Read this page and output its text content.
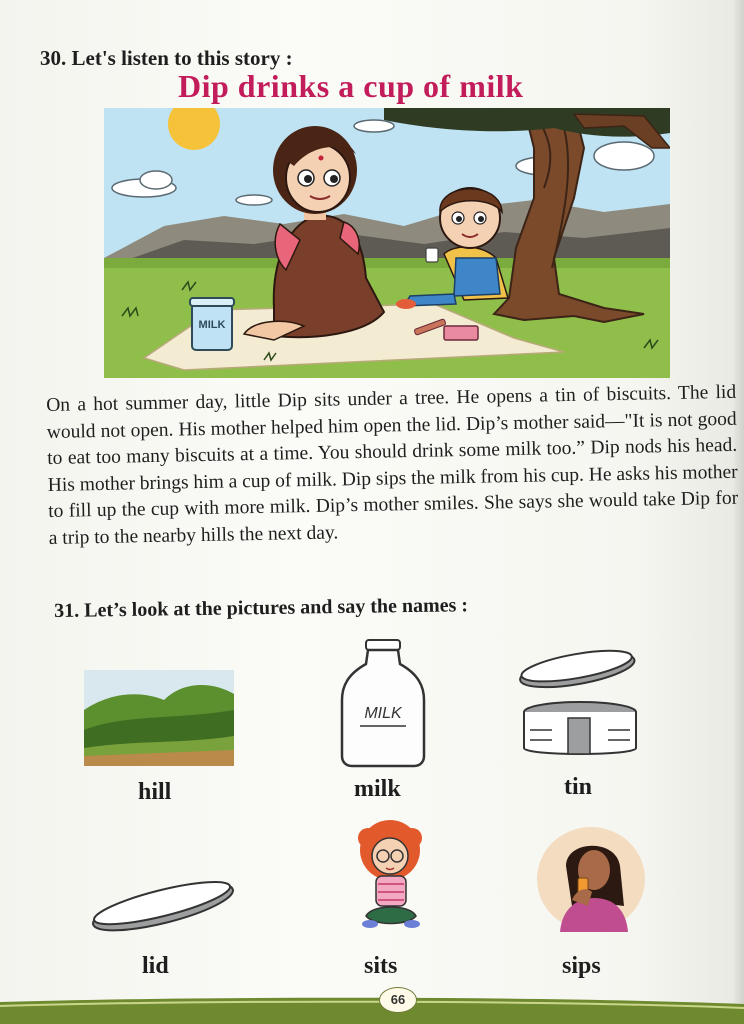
30. Let's listen to this story :
Dip drinks a cup of milk
MILK
On a hot summer day, little Dip sits under a tree. He opens a tin of biscuits. The lid would not open. His mother helped him open the lid. Dip’s mother said—"It is not good to eat too many biscuits at a time. You should drink some milk too.” Dip nods his head. His mother brings him a cup of milk. Dip sips the milk from his cup. He asks his mother to fill up the cup with more milk. Dip’s mother smiles. She says she would take Dip for a trip to the nearby hills the next day.
31. Let’s look at the pictures and say the names :
hill
MILK
milk	tin
lid	sits	sips
66
